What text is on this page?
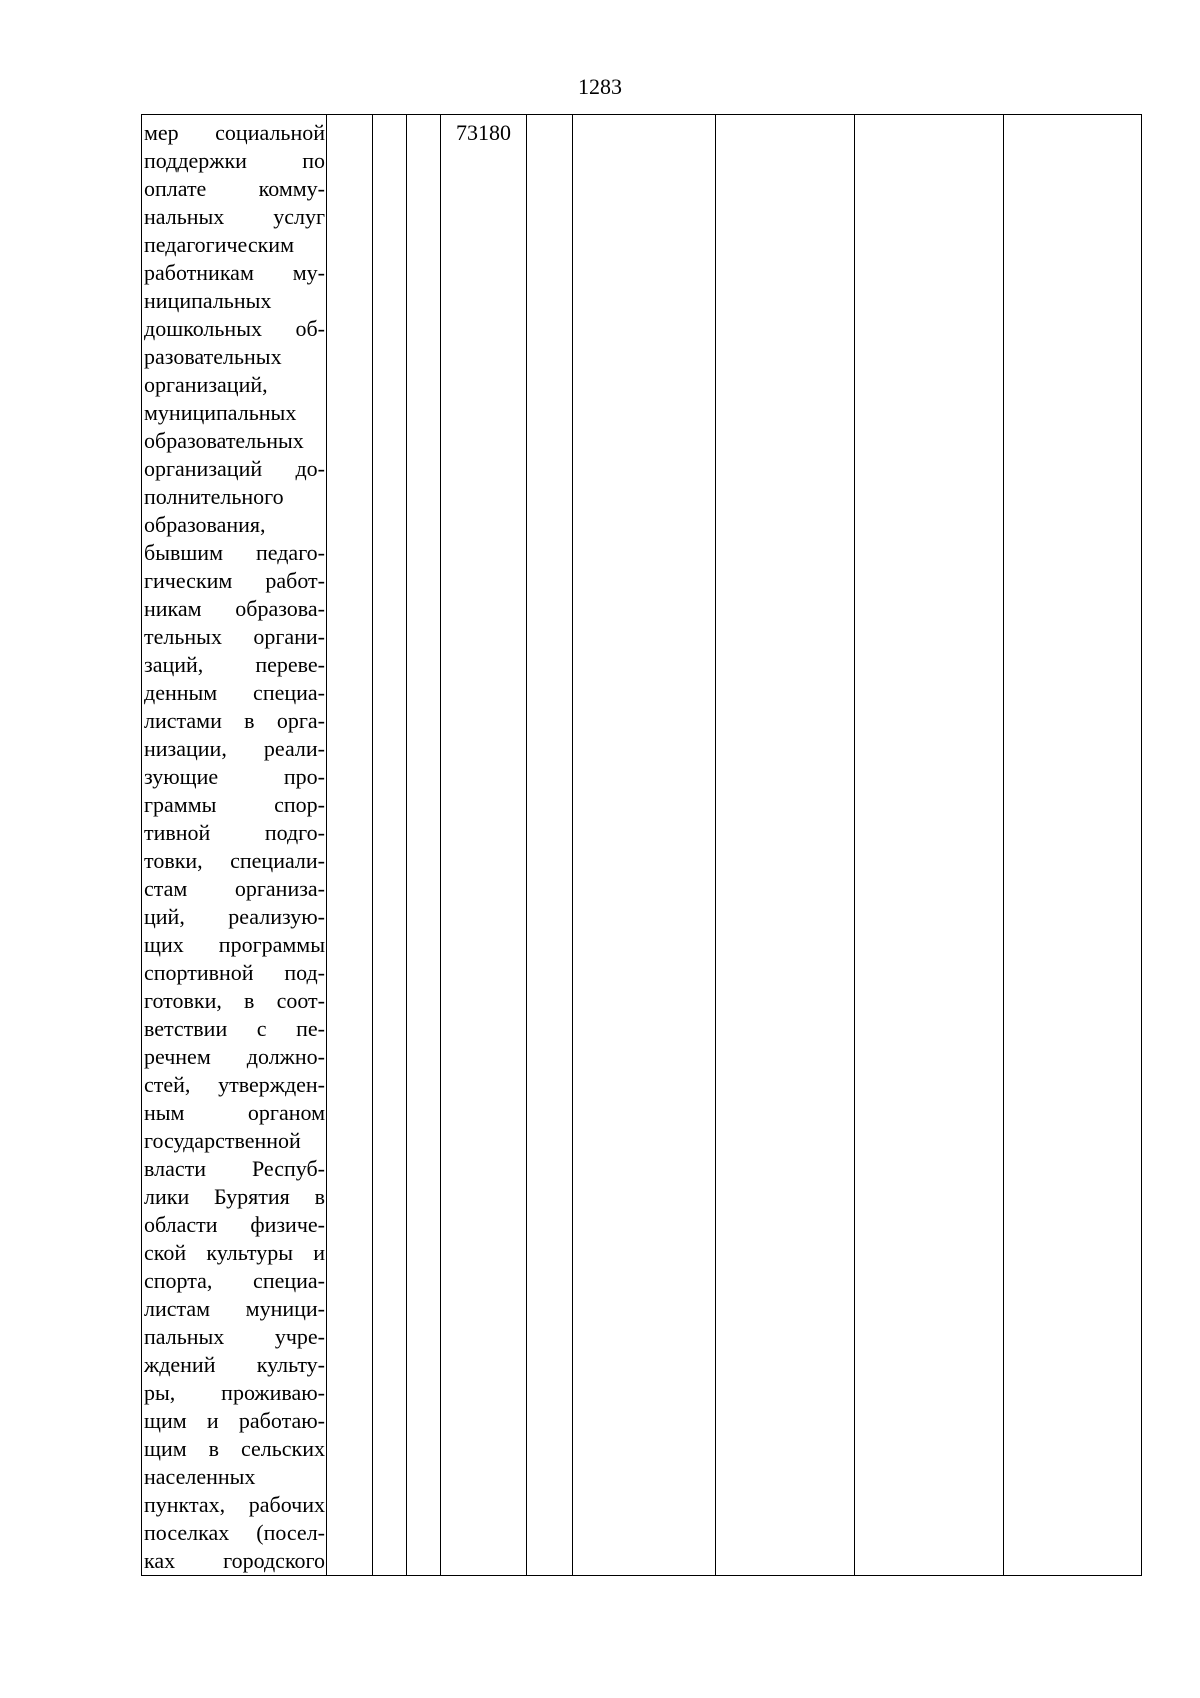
1283
мер социальной
поддержки по
оплате комму-
нальных услуг
педагогическим
работникам му-
ниципальных
дошкольных об-
разовательных
организаций,
муниципальных
образовательных
организаций до-
полнительного
образования,
бывшим педаго-
гическим работ-
никам образова-
тельных органи-
заций, переве-
денным специа-
листами в орга-
низации, реали-
зующие про-
граммы спор-
тивной подго-
товки, специали-
стам организа-
ций, реализую-
щих программы
спортивной под-
готовки, в соот-
ветствии с пе-
речнем должно-
стей, утвержден-
ным органом
государственной
власти Респуб-
лики Бурятия в
области физиче-
ской культуры и
спорта, специа-
листам муници-
пальных учре-
ждений культу-
ры, проживаю-
щим и работаю-
щим в сельских
населенных
пунктах, рабочих
поселках (посел-
ках городского
				73180					
